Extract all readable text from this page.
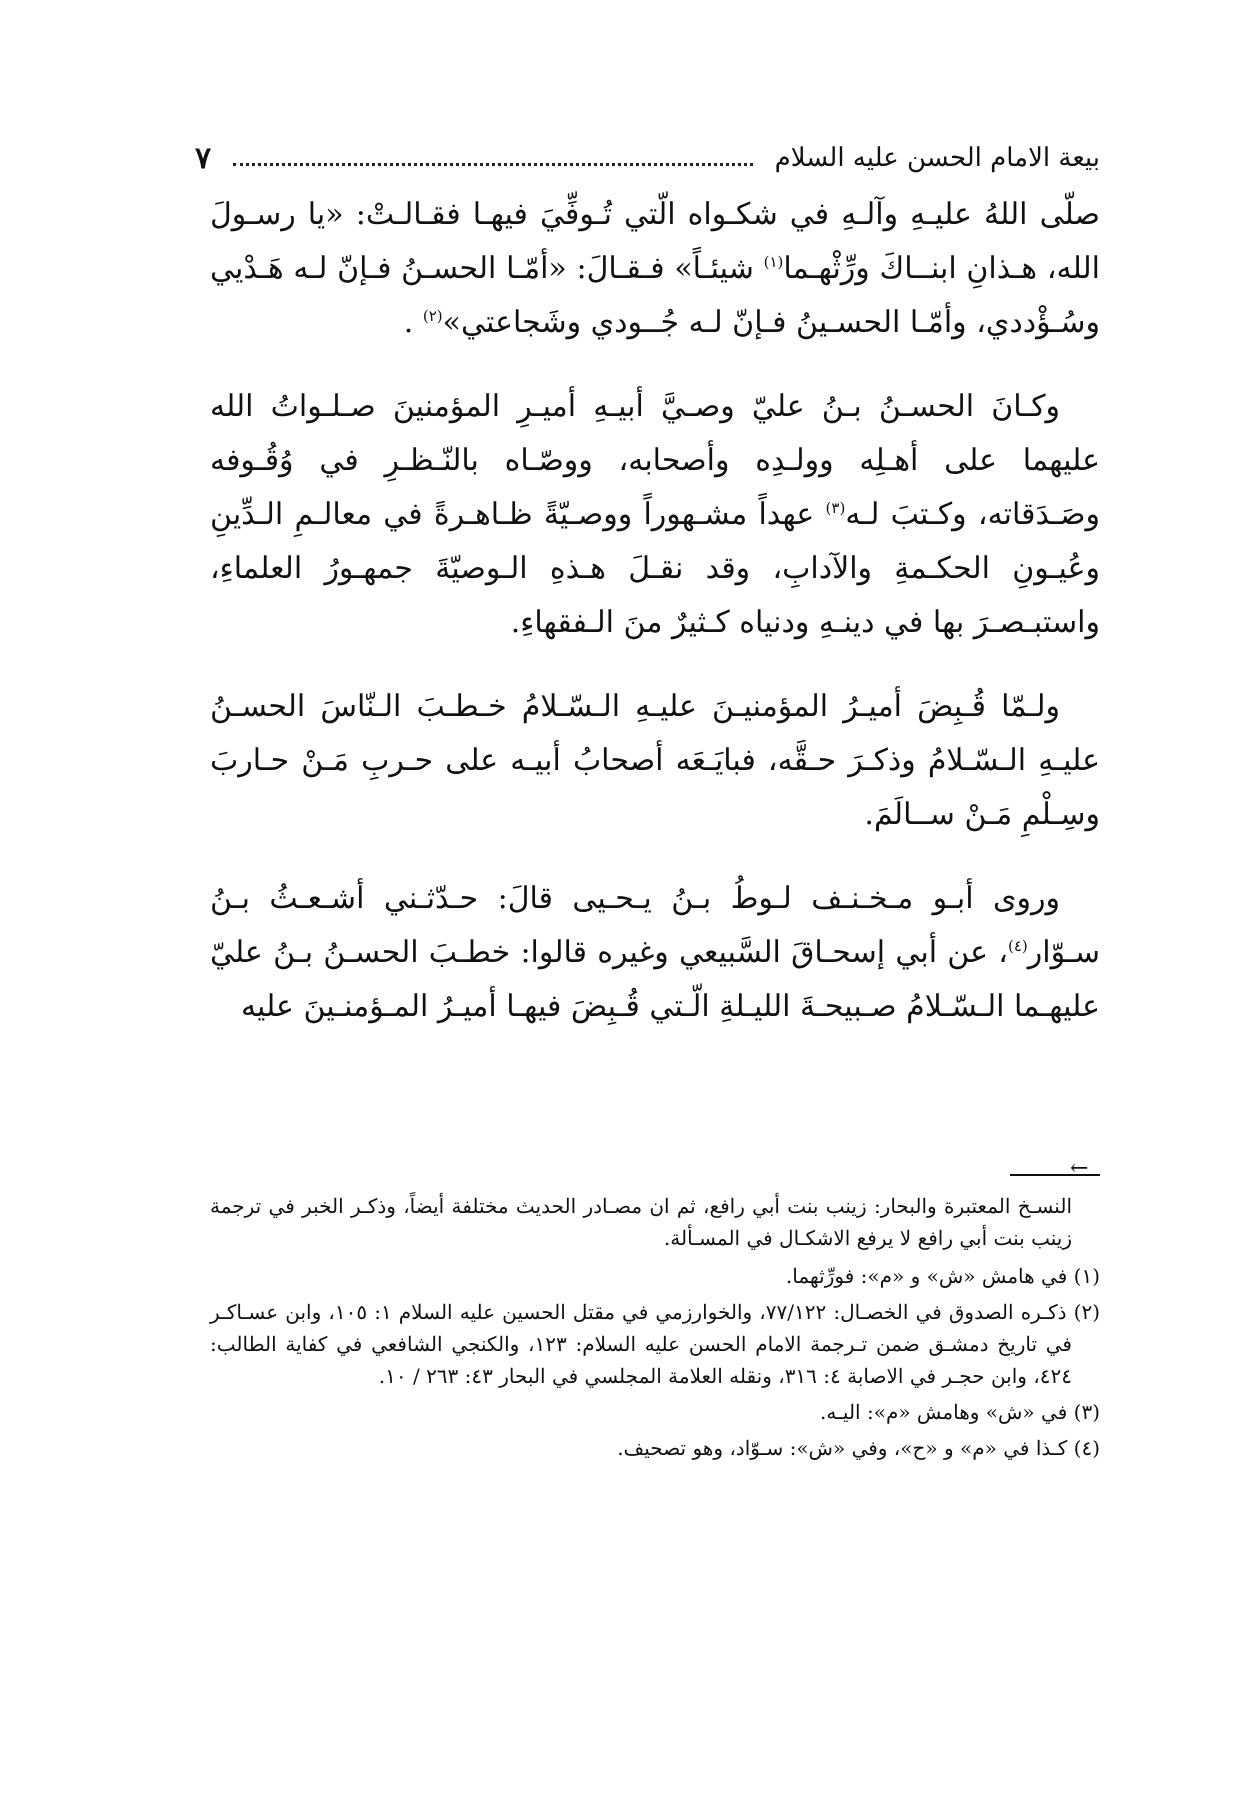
بيعة الامام الحسن عليه السلام
٧

صلّى اللهُ عليـهِ وآلـهِ في شكـواه الّتي تُـوفِّيَ فيهـا فقـالـتْ: «يا رسـولَ الله، هـذانِ ابنــاكَ ورِّثْهـما$^{(١)}$ شيئـاً» فـقـالَ: «أمّـا الحسـنُ فـإنّ لـه هَـدْيي وسُـؤْددي، وأمّـا الحسـينُ فـإنّ لـه جُــودي وشَجاعتي»$^{(٢)}$ .

وكـانَ الحسـنُ بـنُ عليّ وصـيَّ أبيـهِ أميـرِ المؤمنينَ صـلـواتُ الله عليهما على أهـلِه وولـدِه وأصحابه، ووصّـاه بالنّـظـرِ في وُقُـوفه وصَـدَقاته، وكـتبَ لـه$^{(٣)}$ عهداً مشـهوراً ووصـيّةً ظـاهـرةً في معالـمِ الـدِّينِ وعُيـونِ الحكـمةِ والآدابِ، وقد نقـلَ هـذهِ الـوصيّةَ جمهـورُ العلماءِ، واستبـصـرَ بها في دينـهِ ودنياه كـثيرٌ منَ الـفقهاءِ.

ولـمّا قُـبِضَ أميـرُ المؤمنيـنَ عليـهِ الـسّـلامُ خـطـبَ الـنّاسَ الحسـنُ عليـهِ الـسّـلامُ وذكـرَ حـقَّه، فبايَـعَه أصحابُ أبيـه على حـربِ مَـنْ حـاربَ وسِـلْمِ مَـنْ ســالَمَ.

وروى أبـو مـخـنـف لـوطُ بـنُ يـحـيى قالَ: حـدّثـني أشـعـثُ بـنُ سـوّار$^{(٤)}$، عن أبي إسحـاقَ السَّبيعي وغيره قالوا: خطـبَ الحسـنُ بـنُ عليّ عليهـما الـسّـلامُ صـبيحـةَ الليـلةِ الّـتي قُـبِضَ فيهـا أميـرُ المـؤمنـينَ عليه

←

النسـخ المعتبرة والبحار: زينب بنت أبي رافع، ثم ان مصـادر الحديث مختلفة أيضاً، وذكـر الخبر في ترجمة زينب بنت أبي رافع لا يرفع الاشكـال في المسـألة.

(١) في هامش «ش» و «م»: فورِّثهما.

(٢) ذكـره الصدوق في الخصـال: ٧٧/١٢٢، والخوارزمي في مقتل الحسين عليه السلام ١: ١٠٥، وابن عسـاكـر في تاريخ دمشـق ضمن تـرجمة الامام الحسن عليه السلام: ١٢٣، والكنجي الشافعي في كفاية الطالب: ٤٢٤، وابن حجـر في الاصابة ٤: ٣١٦، ونقله العلامة المجلسي في البحار ٤٣: ٢٦٣ / ١٠.

(٣) في «ش» وهامش «م»: اليـه.

(٤) كـذا في «م» و «ح»، وفي «ش»: سـوّاد، وهو تصحيف.
